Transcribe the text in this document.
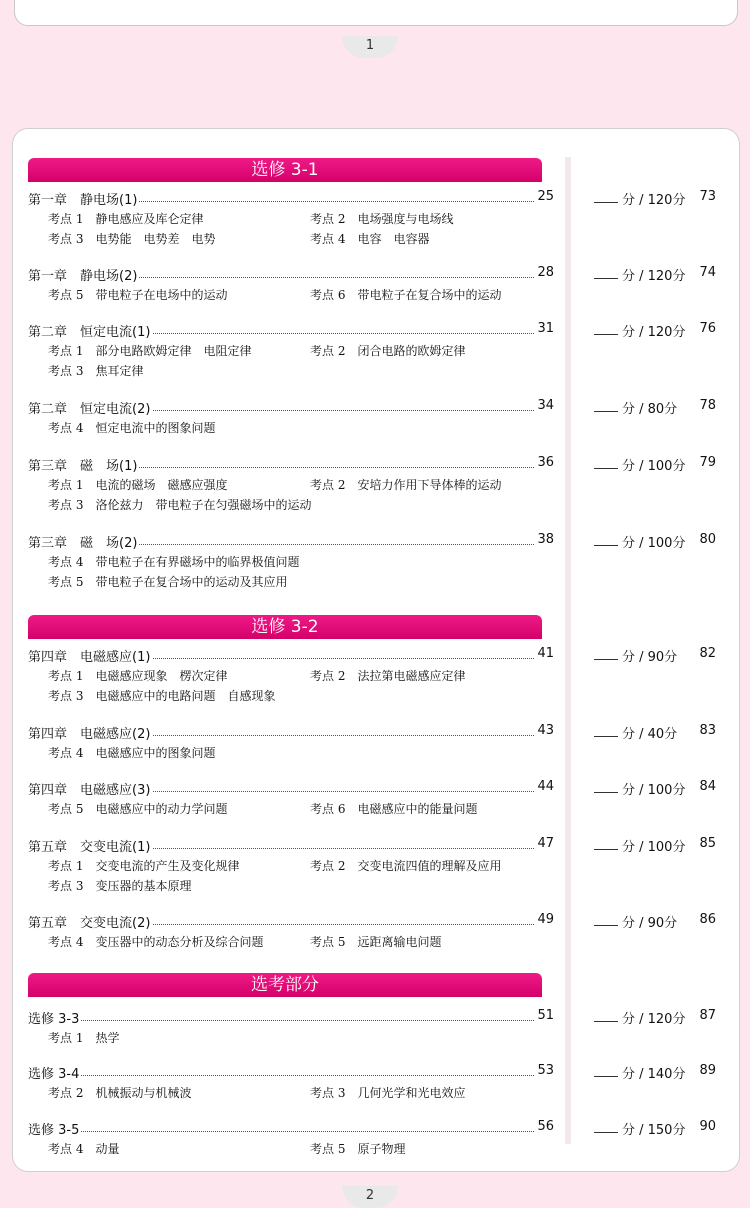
1
选修 3-1
第一章　静电场(1)	25	分 / 120分 73
考点 1　静电感应及库仑定律	考点 2　电场强度与电场线
考点 3　电势能　电势差　电势	考点 4　电容　电容器
第一章　静电场(2)	28	分 / 120分 74
考点 5　带电粒子在电场中的运动	考点 6　带电粒子在复合场中的运动
第二章　恒定电流(1)	31	分 / 120分 76
考点 1　部分电路欧姆定律　电阻定律	考点 2　闭合电路的欧姆定律
考点 3　焦耳定律
第二章　恒定电流(2)	34	分 / 80分 78
考点 4　恒定电流中的图象问题
第三章　磁　场(1)	36	分 / 100分 79
考点 1　电流的磁场　磁感应强度	考点 2　安培力作用下导体棒的运动
考点 3　洛伦兹力　带电粒子在匀强磁场中的运动
第三章　磁　场(2)	38	分 / 100分 80
考点 4　带电粒子在有界磁场中的临界极值问题
考点 5　带电粒子在复合场中的运动及其应用
选修 3-2
第四章　电磁感应(1)	41	分 / 90分 82
考点 1　电磁感应现象　楞次定律	考点 2　法拉第电磁感应定律
考点 3　电磁感应中的电路问题　自感现象
第四章　电磁感应(2)	43	分 / 40分 83
考点 4　电磁感应中的图象问题
第四章　电磁感应(3)	44	分 / 100分 84
考点 5　电磁感应中的动力学问题	考点 6　电磁感应中的能量问题
第五章　交变电流(1)	47	分 / 100分 85
考点 1　交变电流的产生及变化规律	考点 2　交变电流四值的理解及应用
考点 3　变压器的基本原理
第五章　交变电流(2)	49	分 / 90分 86
考点 4　变压器中的动态分析及综合问题	考点 5　远距离输电问题
选考部分
选修 3-3	51	分 / 120分 87
考点 1　热学
选修 3-4	53	分 / 140分 89
考点 2　机械振动与机械波	考点 3　几何光学和光电效应
选修 3-5	56	分 / 150分 90
考点 4　动量	考点 5　原子物理
2
